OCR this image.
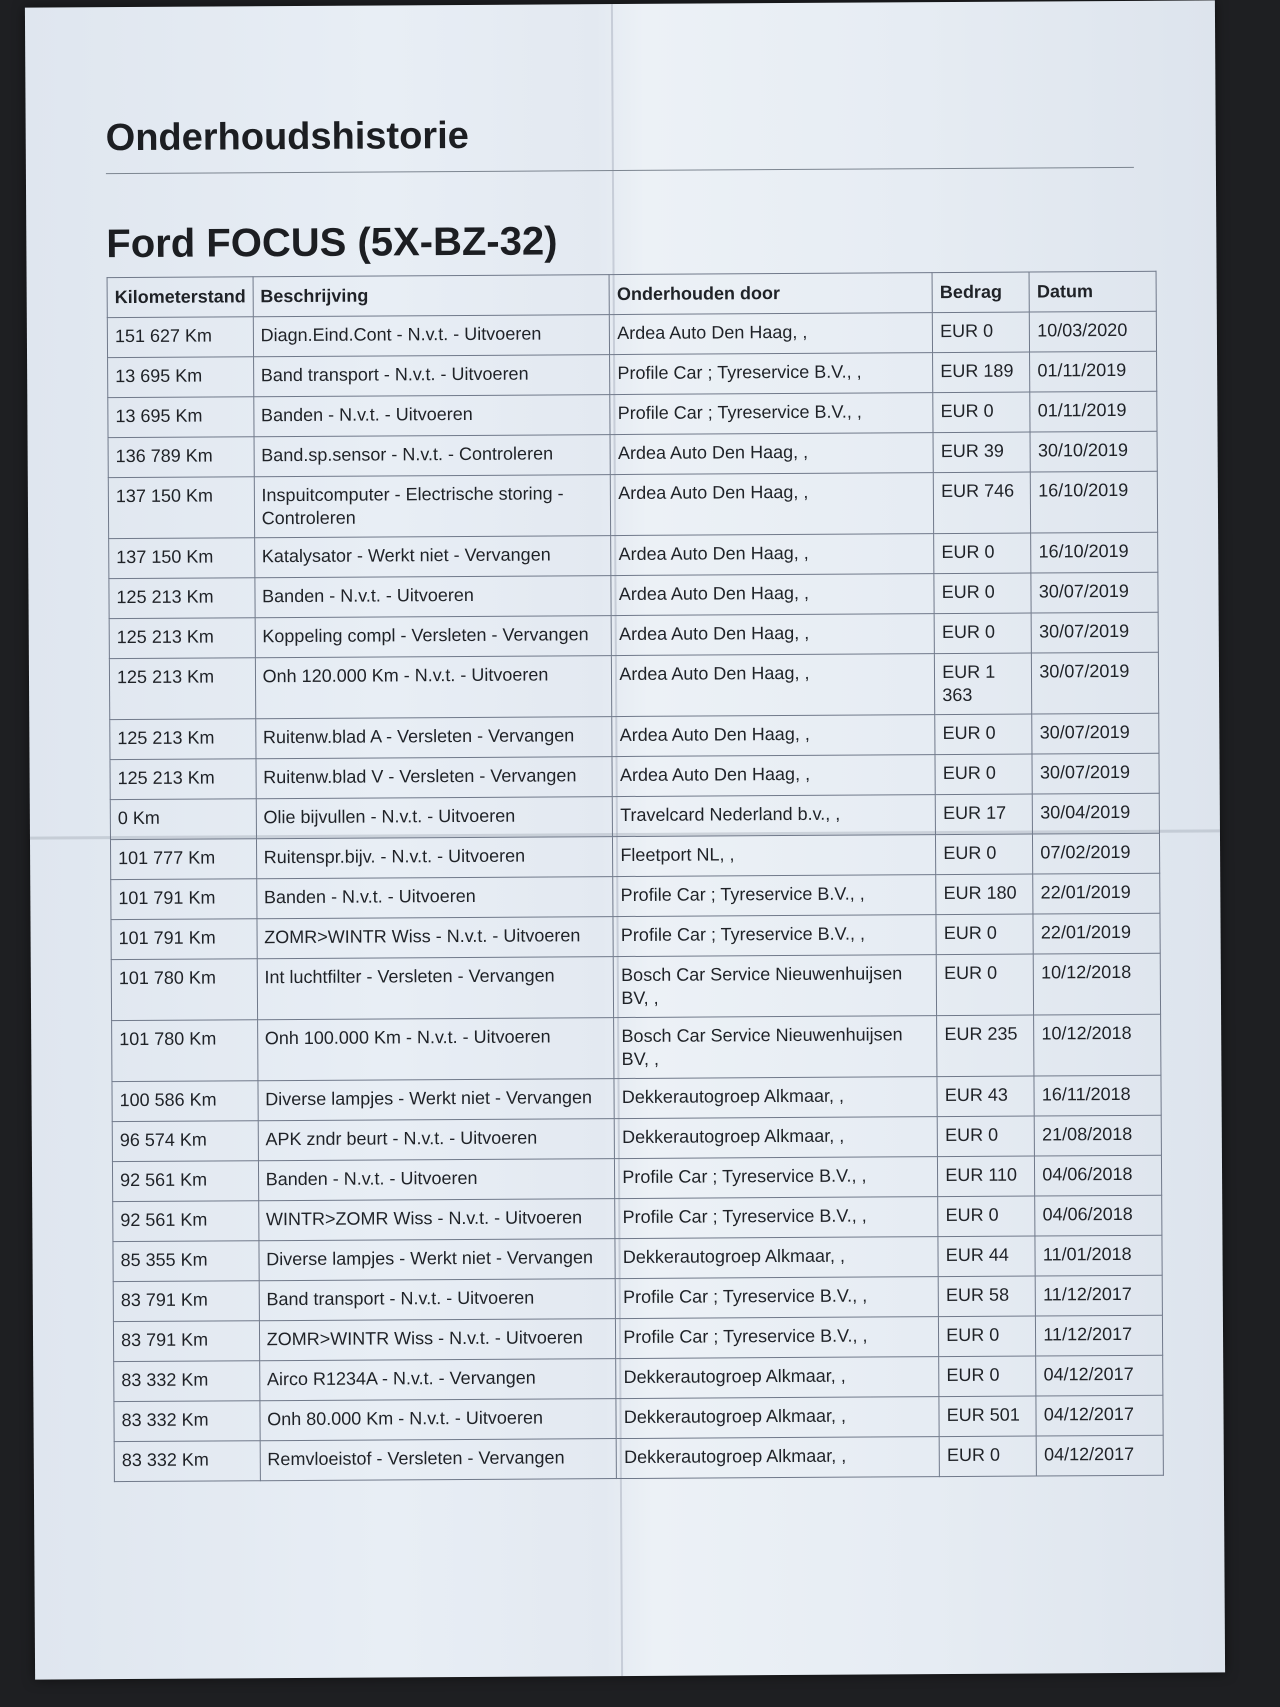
Onderhoudshistorie
Ford FOCUS (5X-BZ-32)
Kilometerstand	Beschrijving	Onderhouden door	Bedrag	Datum
151 627 Km	Diagn.Eind.Cont - N.v.t. - Uitvoeren	Ardea Auto Den Haag, ,	EUR 0	10/03/2020
13 695 Km	Band transport - N.v.t. - Uitvoeren	Profile Car ; Tyreservice B.V., ,	EUR 189	01/11/2019
13 695 Km	Banden - N.v.t. - Uitvoeren	Profile Car ; Tyreservice B.V., ,	EUR 0	01/11/2019
136 789 Km	Band.sp.sensor - N.v.t. - Controleren	Ardea Auto Den Haag, ,	EUR 39	30/10/2019
137 150 Km	Inspuitcomputer - Electrische storing - Controleren	Ardea Auto Den Haag, ,	EUR 746	16/10/2019
137 150 Km	Katalysator - Werkt niet - Vervangen	Ardea Auto Den Haag, ,	EUR 0	16/10/2019
125 213 Km	Banden - N.v.t. - Uitvoeren	Ardea Auto Den Haag, ,	EUR 0	30/07/2019
125 213 Km	Koppeling compl - Versleten - Vervangen	Ardea Auto Den Haag, ,	EUR 0	30/07/2019
125 213 Km	Onh 120.000 Km - N.v.t. - Uitvoeren	Ardea Auto Den Haag, ,	EUR 1 363	30/07/2019
125 213 Km	Ruitenw.blad A - Versleten - Vervangen	Ardea Auto Den Haag, ,	EUR 0	30/07/2019
125 213 Km	Ruitenw.blad V - Versleten - Vervangen	Ardea Auto Den Haag, ,	EUR 0	30/07/2019
0 Km	Olie bijvullen - N.v.t. - Uitvoeren	Travelcard Nederland b.v., ,	EUR 17	30/04/2019
101 777 Km	Ruitenspr.bijv. - N.v.t. - Uitvoeren	Fleetport NL, ,	EUR 0	07/02/2019
101 791 Km	Banden - N.v.t. - Uitvoeren	Profile Car ; Tyreservice B.V., ,	EUR 180	22/01/2019
101 791 Km	ZOMR>WINTR Wiss - N.v.t. - Uitvoeren	Profile Car ; Tyreservice B.V., ,	EUR 0	22/01/2019
101 780 Km	Int luchtfilter - Versleten - Vervangen	Bosch Car Service Nieuwenhuijsen BV, ,	EUR 0	10/12/2018
101 780 Km	Onh 100.000 Km - N.v.t. - Uitvoeren	Bosch Car Service Nieuwenhuijsen BV, ,	EUR 235	10/12/2018
100 586 Km	Diverse lampjes - Werkt niet - Vervangen	Dekkerautogroep Alkmaar, ,	EUR 43	16/11/2018
96 574 Km	APK zndr beurt - N.v.t. - Uitvoeren	Dekkerautogroep Alkmaar, ,	EUR 0	21/08/2018
92 561 Km	Banden - N.v.t. - Uitvoeren	Profile Car ; Tyreservice B.V., ,	EUR 110	04/06/2018
92 561 Km	WINTR>ZOMR Wiss - N.v.t. - Uitvoeren	Profile Car ; Tyreservice B.V., ,	EUR 0	04/06/2018
85 355 Km	Diverse lampjes - Werkt niet - Vervangen	Dekkerautogroep Alkmaar, ,	EUR 44	11/01/2018
83 791 Km	Band transport - N.v.t. - Uitvoeren	Profile Car ; Tyreservice B.V., ,	EUR 58	11/12/2017
83 791 Km	ZOMR>WINTR Wiss - N.v.t. - Uitvoeren	Profile Car ; Tyreservice B.V., ,	EUR 0	11/12/2017
83 332 Km	Airco R1234A - N.v.t. - Vervangen	Dekkerautogroep Alkmaar, ,	EUR 0	04/12/2017
83 332 Km	Onh 80.000 Km - N.v.t. - Uitvoeren	Dekkerautogroep Alkmaar, ,	EUR 501	04/12/2017
83 332 Km	Remvloeistof - Versleten - Vervangen	Dekkerautogroep Alkmaar, ,	EUR 0	04/12/2017
